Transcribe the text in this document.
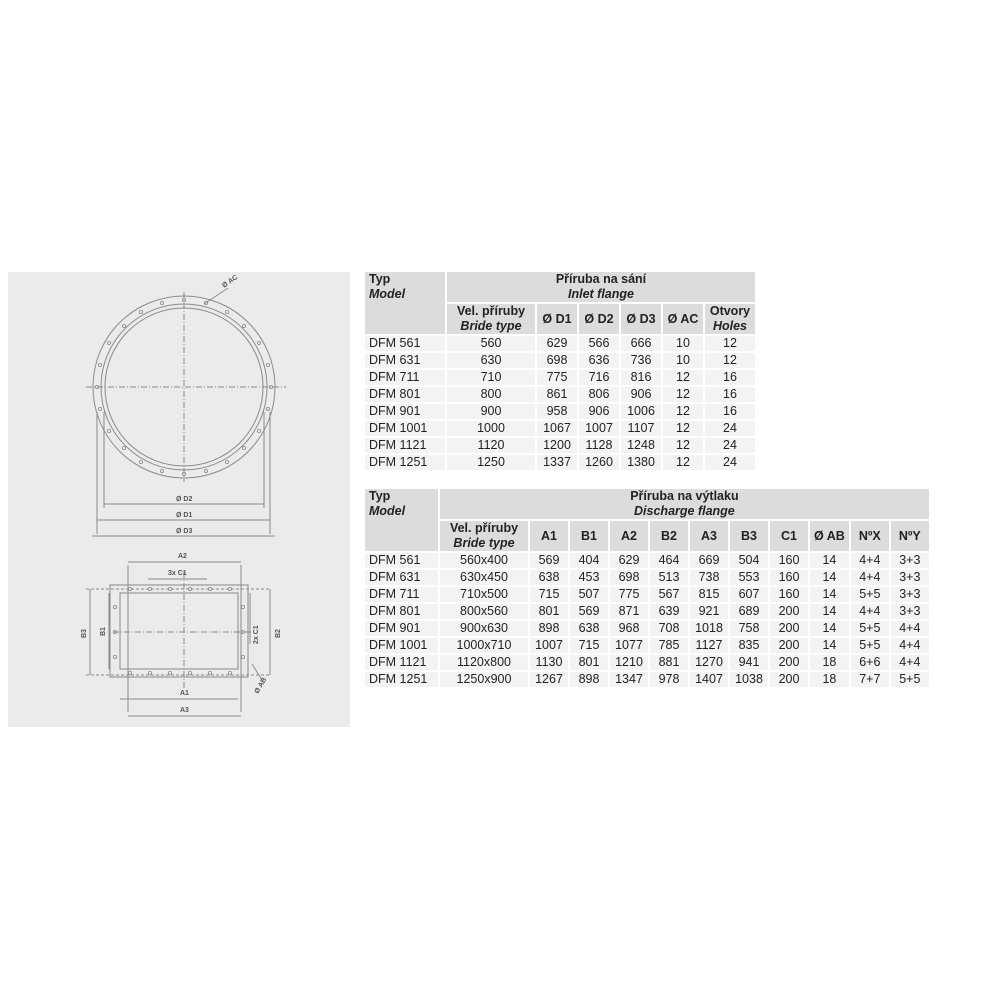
Ø AC
Ø D2
Ø D1
Ø D3
A2
3x C1
B3 B1	2x C1 B2
A1
A3
Ø AB
Typ
Model	Příruba na sání
Inlet flange					

	Vel. příruby
Bride type	Ø D1	Ø D2	Ø D3	Ø AC	Otvory
Holes

DFM 561	560	629	566	666	10	12
DFM 631	630	698	636	736	10	12
DFM 711	710	775	716	816	12	16
DFM 801	800	861	806	906	12	16
DFM 901	900	958	906	1006	12	16
DFM 1001	1000	1067	1007	1107	12	24
DFM 1121	1120	1200	1128	1248	12	24
DFM 1251	1250	1337	1260	1380	12	24
Typ
Model	Příruba na výtlaku
Discharge flange										

	Vel. příruby
Bride type	A1	B1	A2	B2	A3	B3	C1	Ø AB	NºX	NºY

DFM 561	560x400	569	404	629	464	669	504	160	14	4+4	3+3
DFM 631	630x450	638	453	698	513	738	553	160	14	4+4	3+3
DFM 711	710x500	715	507	775	567	815	607	160	14	5+5	3+3
DFM 801	800x560	801	569	871	639	921	689	200	14	4+4	3+3
DFM 901	900x630	898	638	968	708	1018	758	200	14	5+5	4+4
DFM 1001	1000x710	1007	715	1077	785	1127	835	200	14	5+5	4+4
DFM 1121	1120x800	1130	801	1210	881	1270	941	200	18	6+6	4+4
DFM 1251	1250x900	1267	898	1347	978	1407	1038	200	18	7+7	5+5
